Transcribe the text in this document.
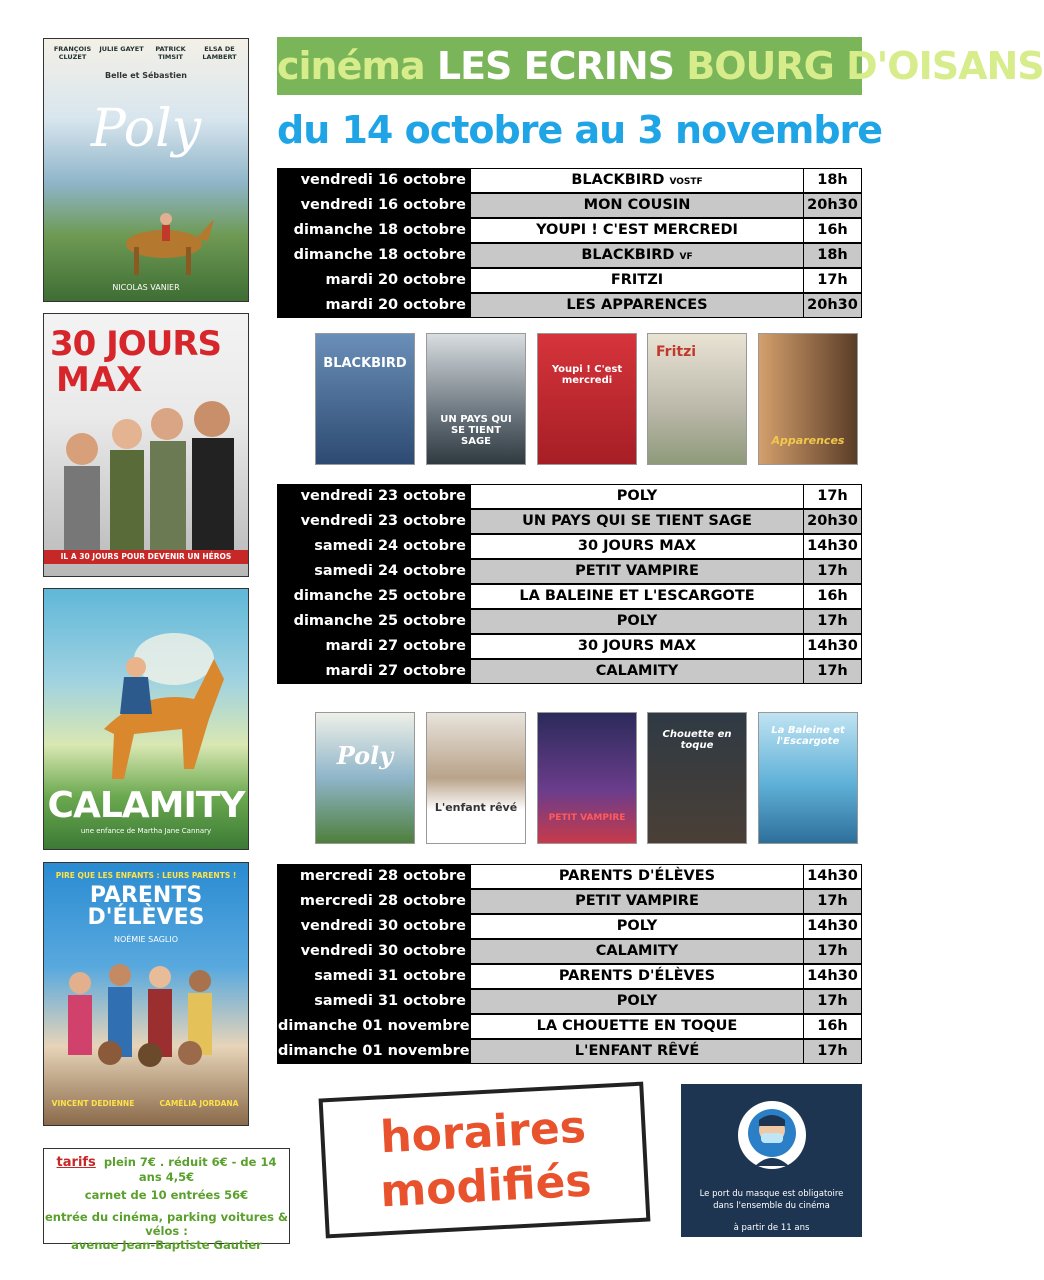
FRANÇOIS CLUZET
JULIE GAYET	PATRICK TIMSIT
ELSA DE LAMBERT
Belle et Sébastien
Poly
NICOLAS VANIER
30 JOURS
MAX
IL A 30 JOURS POUR DEVENIR UN HÉROS
CALAMITY
une enfance de Martha Jane Cannary
PIRE QUE LES ENFANTS : LEURS PARENTS !
PARENTS
D'ÉLÈVES
NOÉMIE SAGLIO
VINCENT DEDIENNE	CAMÉLIA JORDANA
cinéma LES ECRINS BOURG D'OISANS
du 14 octobre au 3 novembre
vendredi 16 octobre	BLACKBIRD VOSTF	18h
vendredi 16 octobre	MON COUSIN	20h30
dimanche 18 octobre	YOUPI ! C'EST MERCREDI	16h
dimanche 18 octobre	BLACKBIRD VF	18h
mardi 20 octobre	FRITZI	17h
mardi 20 octobre	LES APPARENCES	20h30
BLACKBIRD
UN PAYS QUI SE TIENT SAGE
Youpi ! C'est mercredi
Fritzi
Apparences
vendredi 23 octobre	POLY	17h
vendredi 23 octobre	UN PAYS QUI SE TIENT SAGE	20h30
samedi 24 octobre	30 JOURS MAX	14h30
samedi 24 octobre	PETIT VAMPIRE	17h
dimanche 25 octobre	LA BALEINE ET L'ESCARGOTE	16h
dimanche 25 octobre	POLY	17h
mardi 27 octobre	30 JOURS MAX	14h30
mardi 27 octobre	CALAMITY	17h
Poly
L'enfant rêvé
PETIT VAMPIRE
Chouette en toque
La Baleine et l'Escargote
mercredi 28 octobre	PARENTS D'ÉLÈVES	14h30
mercredi 28 octobre	PETIT VAMPIRE	17h
vendredi 30 octobre	POLY	14h30
vendredi 30 octobre	CALAMITY	17h
samedi 31 octobre	PARENTS D'ÉLÈVES	14h30
samedi 31 octobre	POLY	17h
dimanche 01 novembre	LA CHOUETTE EN TOQUE	16h
dimanche 01 novembre	L'ENFANT RÊVÉ	17h
tarifs plein 7€ . réduit 6€ - de 14 ans 4,5€
carnet de 10 entrées 56€
entrée du cinéma, parking voitures & vélos :
avenue Jean-Baptiste Gautier
horaires
modifiés	Le port du masque est obligatoire
dans l'ensemble du cinéma
à partir de 11 ans
